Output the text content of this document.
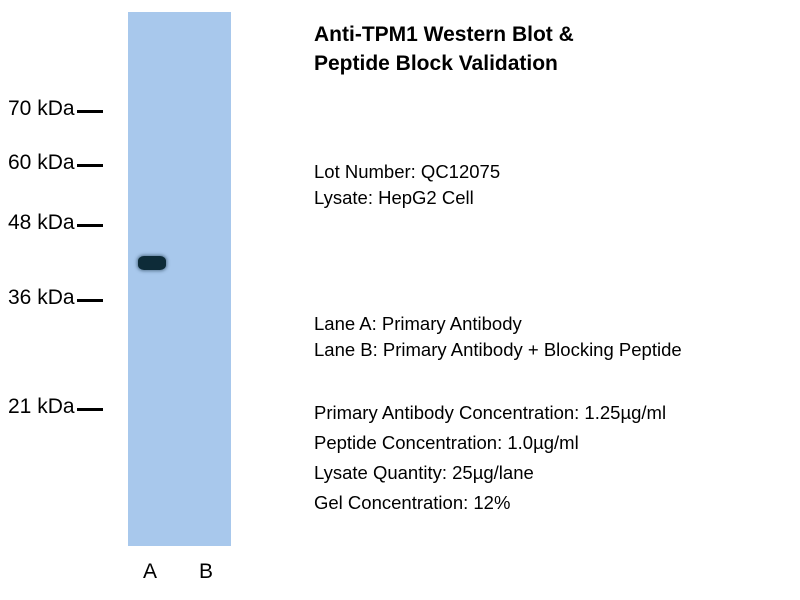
70 kDa
60 kDa
48 kDa
36 kDa
21 kDa
A B
Anti-TPM1 Western Blot &
Peptide Block Validation
Lot Number: QC12075
Lysate: HepG2 Cell
Lane A: Primary Antibody
Lane B: Primary Antibody + Blocking Peptide
Primary Antibody Concentration: 1.25µg/ml
Peptide Concentration: 1.0µg/ml
Lysate Quantity: 25µg/lane
Gel Concentration: 12%
